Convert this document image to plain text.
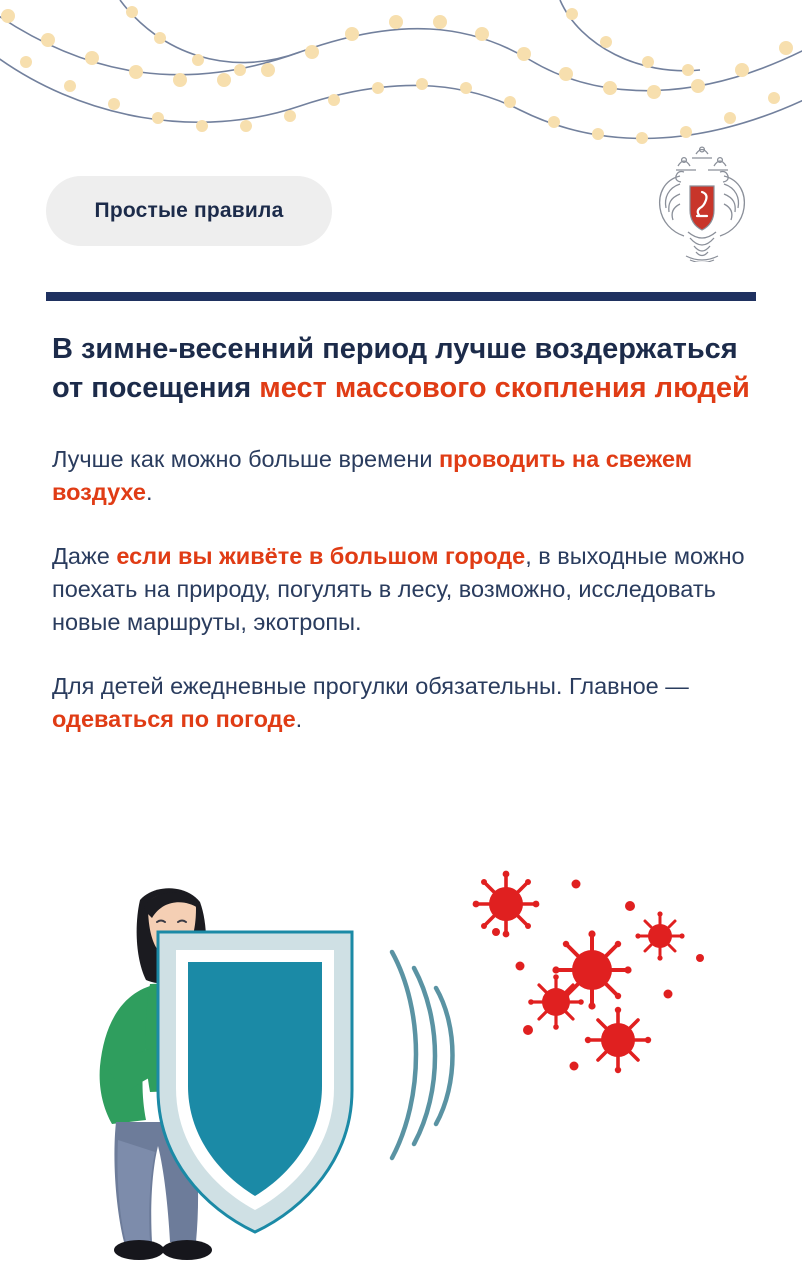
Простые правила
В зимне-весенний период лучше воздержаться от посещения мест массового скопления людей

Лучше как можно больше времени проводить на свежем воздухе.

Даже если вы живёте в большом городе, в выходные можно поехать на природу, погулять в лесу, возможно, исследовать новые маршруты, экотропы.

Для детей ежедневные прогулки обязательны. Главное — одеваться по погоде.
